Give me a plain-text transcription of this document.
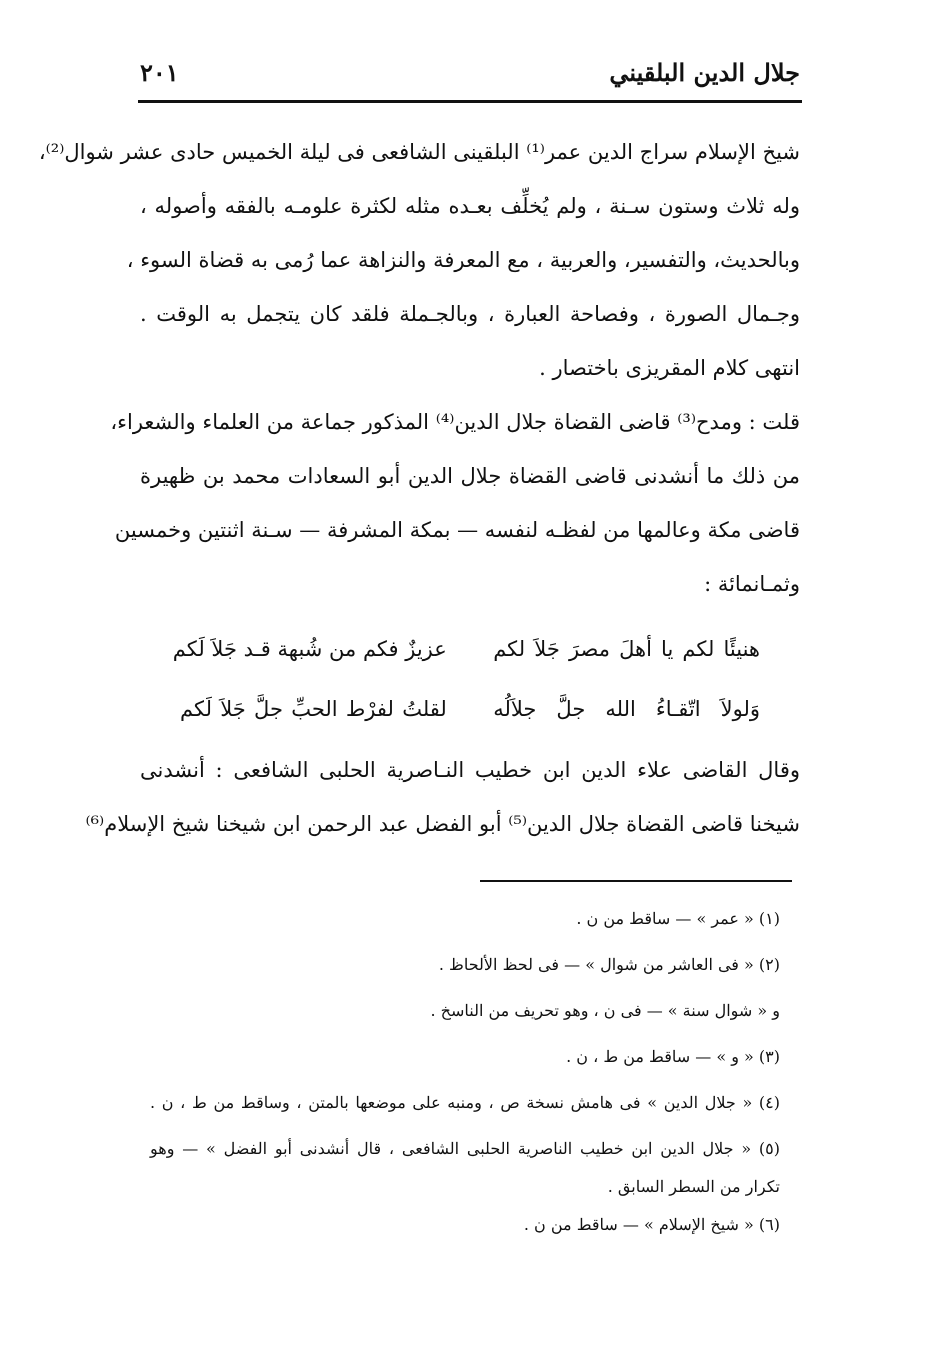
جلال الدين البلقيني
٢٠١
شيخ الإسلام سراج الدين عمر⁽¹⁾ البلقينى الشافعى فى ليلة الخميس حادى عشر شوال⁽²⁾،
وله ثلاث وستون سـنة ، ولم يُخلِّف بعـده مثله لكثرة علومـه بالفقه وأصوله ،
وبالحديث، والتفسير، والعربية ، مع المعرفة والنزاهة عما رُمى به قضاة السوء ،
وجـمال الصورة ، وفصاحة العبارة ، وبالجـملة فلقد كان يتجمل به الوقت .
انتهى كلام المقريزى باختصار .
قلت : ومدح⁽³⁾ قاضى القضاة جلال الدين⁽⁴⁾ المذكور جماعة من العلماء والشعراء،
من ذلك ما أنشدنى قاضى القضاة جلال الدين أبو السعادات محمد بن ظهيرة
قاضى مكة وعالمها من لفظـه لنفسه — بمكة المشرفة — سـنة اثنتين وخمسين
وثمـانمائة :
هنيئًا لكم يا أهلَ مصرَ جَلاَ لكم
عزيزٌ فكم من شُبهة قـد جَلاَ لَكم
وَلولاَ اتّقـاءُ الله جلَّ جلاَلُه
لقلتُ لفرْط الحبِّ جلَّ جَلاَ لَكم
وقال القاضى علاء الدين ابن خطيب النـاصرية الحلبى الشافعى : أنشدنى
شيخنا قاضى القضاة جلال الدين⁽⁵⁾ أبو الفضل عبد الرحمن ابن شيخنا شيخ الإسلام⁽⁶⁾
(١) « عمر » — ساقط من ن .
(٢) « فى العاشر من شوال » — فى لحظ الألحاظ .
و « شوال سنة » — فى ن ، وهو تحريف من الناسخ .
(٣) « و » — ساقط من ط ، ن .
(٤) « جلال الدين » فى هامش نسخة ص ، ومنبه على موضعها بالمتن ، وساقط من ط ، ن .
(٥) « جلال الدين ابن خطيب الناصرية الحلبى الشافعى ، قال أنشدنى أبو الفضل » — وهو
تكرار من السطر السابق .
(٦) « شيخ الإسلام » — ساقط من ن .
